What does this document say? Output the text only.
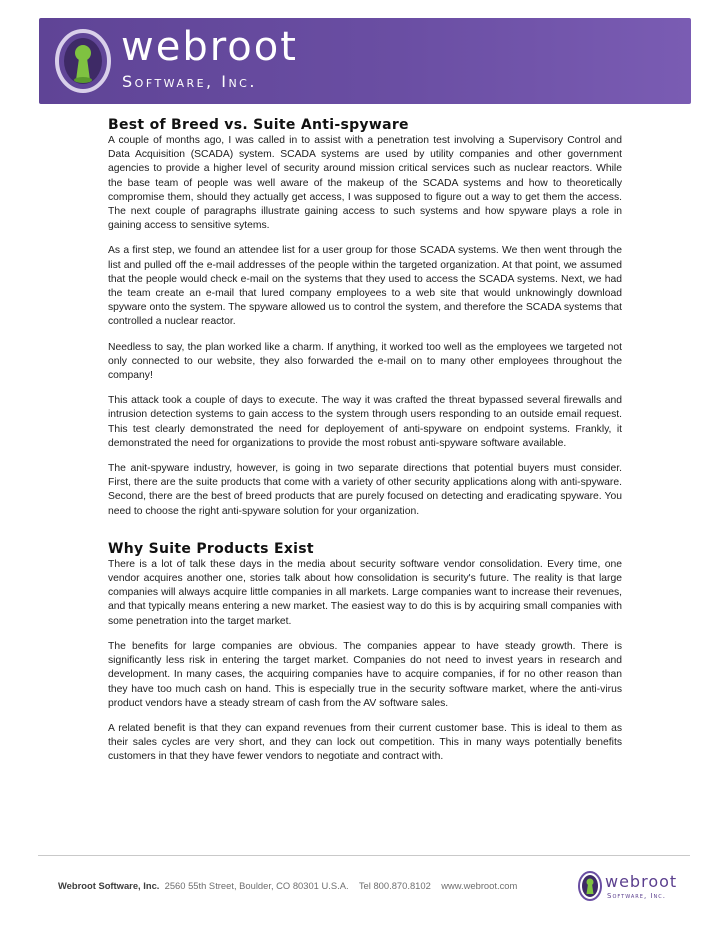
webroot
Software, Inc.
Best of Breed vs. Suite Anti-spyware

A couple of months ago, I was called in to assist with a penetration test involving a Supervisory Control and Data Acquisition (SCADA) system. SCADA systems are used by utility companies and other government agencies to provide a higher level of security around mission critical services such as nuclear reactors. While the base team of people was well aware of the makeup of the SCADA systems and how to theoretically compromise them, should they actually get access, I was supposed to figure out a way to get them the access. The next couple of paragraphs illustrate gaining access to such systems and how spyware plays a role in gaining access to sensitive sytems.

As a first step, we found an attendee list for a user group for those SCADA systems. We then went through the list and pulled off the e-mail addresses of the people within the targeted organization. At that point, we assumed that the people would check e-mail on the systems that they used to access the SCADA systems. Next, we had the team create an e-mail that lured company employees to a web site that would unknowingly download spyware onto the system. The spyware allowed us to control the system, and therefore the SCADA systems that controlled a nuclear reactor.

Needless to say, the plan worked like a charm. If anything, it worked too well as the employees we targeted not only connected to our website, they also forwarded the e-mail on to many other employees throughout the company!

This attack took a couple of days to execute. The way it was crafted the threat bypassed several firewalls and intrusion detection systems to gain access to the system through users responding to an outside email request. This test clearly demonstrated the need for deployement of anti-spyware on endpoint systems. Frankly, it demonstrated the need for organizations to provide the most robust anti-spyware software available.

The anit-spyware industry, however, is going in two separate directions that potential buyers must consider. First, there are the suite products that come with a variety of other security applications along with anti-spyware. Second, there are the best of breed products that are purely focused on detecting and eradicating spyware. You need to choose the right anti-spyware solution for your organization.

Why Suite Products Exist

There is a lot of talk these days in the media about security software vendor consolidation. Every time, one vendor acquires another one, stories talk about how consolidation is security's future. The reality is that large companies will always acquire little companies in all markets. Large companies want to increase their revenues, and that typically means entering a new market. The easiest way to do this is by acquiring small companies with some penetration into the target market.

The benefits for large companies are obvious. The companies appear to have steady growth. There is significantly less risk in entering the target market. Companies do not need to invest years in research and development. In many cases, the acquiring companies have to acquire companies, if for no other reason than they have too much cash on hand. This is especially true in the security software market, where the anti-virus product vendors have a steady stream of cash from the AV software sales.

A related benefit is that they can expand revenues from their current customer base. This is ideal to them as their sales cycles are very short, and they can lock out competition. This in many ways potentially benefits customers in that they have fewer vendors to negotiate and contract with.

Webroot Software, Inc. 2560 55th Street, Boulder, CO 80301 U.S.A. Tel 800.870.8102 www.webroot.com	webroot
Software, Inc.
